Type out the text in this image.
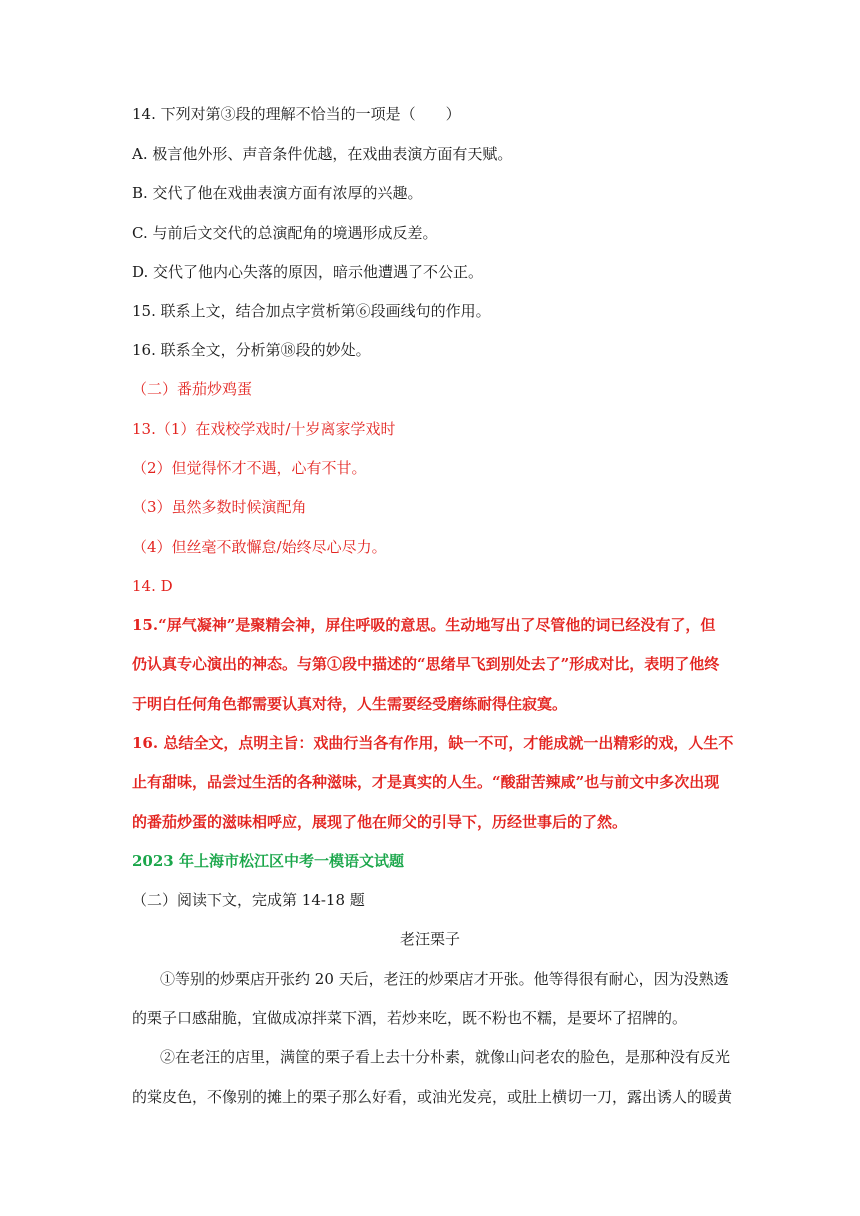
14. 下列对第③段的理解不恰当的一项是（　　）
A. 极言他外形、声音条件优越，在戏曲表演方面有天赋。
B. 交代了他在戏曲表演方面有浓厚的兴趣。
C. 与前后文交代的总演配角的境遇形成反差。
D. 交代了他内心失落的原因，暗示他遭遇了不公正。
15. 联系上文，结合加点字赏析第⑥段画线句的作用。
16. 联系全文，分析第⑱段的妙处。
（二）番茄炒鸡蛋
13.（1）在戏校学戏时/十岁离家学戏时
（2）但觉得怀才不遇，心有不甘。
（3）虽然多数时候演配角
（4）但丝毫不敢懈怠/始终尽心尽力。
14. D
15.“屏气凝神”是聚精会神，屏住呼吸的意思。生动地写出了尽管他的词已经没有了，但
仍认真专心演出的神态。与第①段中描述的“思绪早飞到别处去了”形成对比，表明了他终
于明白任何角色都需要认真对待，人生需要经受磨练耐得住寂寞。
16. 总结全文，点明主旨：戏曲行当各有作用，缺一不可，才能成就一出精彩的戏，人生不
止有甜味，品尝过生活的各种滋味，才是真实的人生。“酸甜苦辣咸”也与前文中多次出现
的番茄炒蛋的滋味相呼应，展现了他在师父的引导下，历经世事后的了然。
2023 年上海市松江区中考一模语文试题
（二）阅读下文，完成第 14-18 题
老汪栗子
①等别的炒栗店开张约 20 天后，老汪的炒栗店才开张。他等得很有耐心，因为没熟透
的栗子口感甜脆，宜做成凉拌菜下酒，若炒来吃，既不粉也不糯，是要坏了招牌的。
②在老汪的店里，满筐的栗子看上去十分朴素，就像山问老农的脸色，是那种没有反光
的棠皮色，不像别的摊上的栗子那么好看，或油光发亮，或肚上横切一刀，露出诱人的暖黄
